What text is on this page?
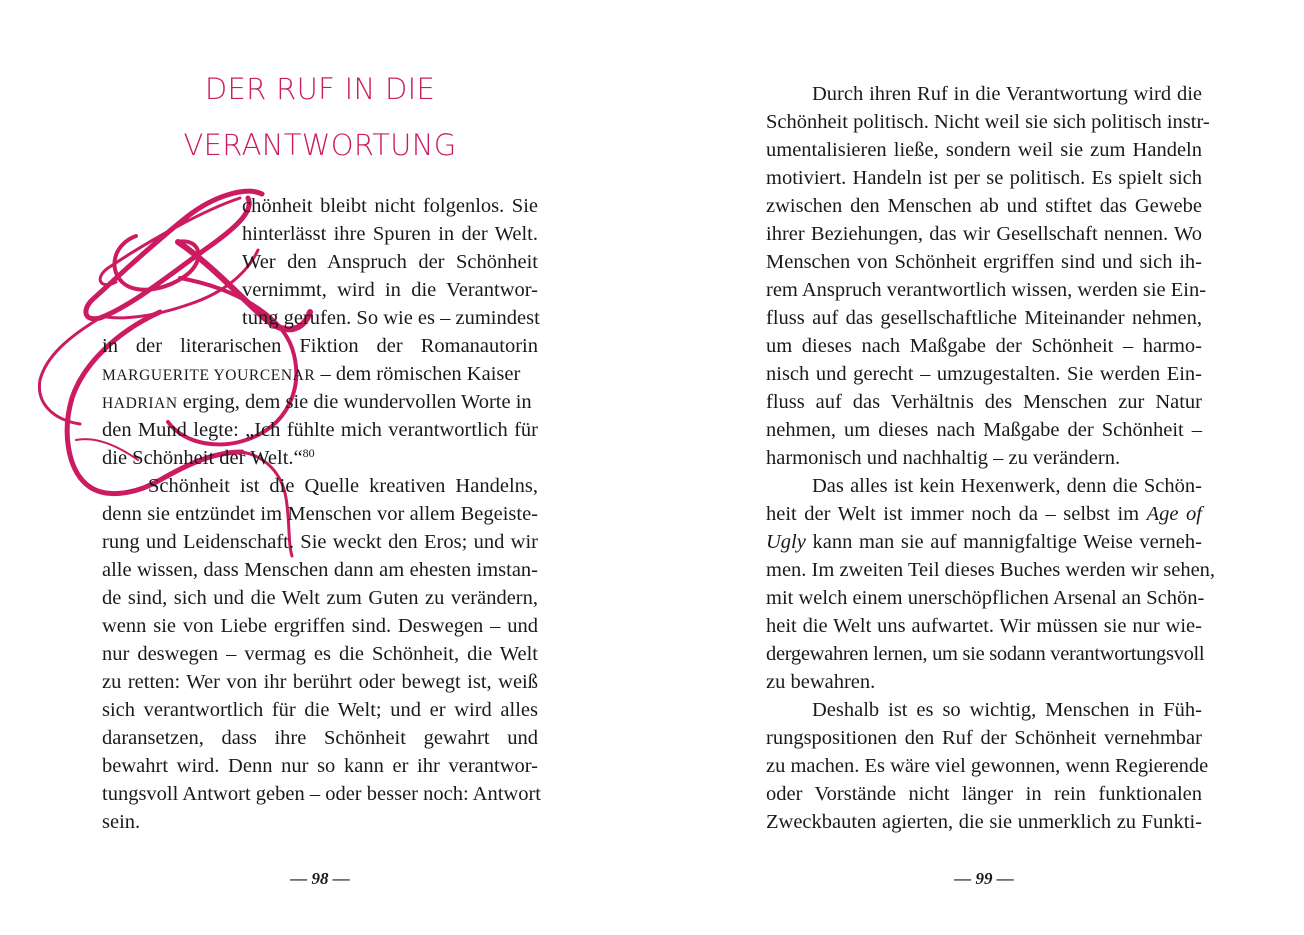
DER RUF IN DIE
VERANTWORTUNG
chönheit bleibt nicht folgenlos. Sie
hinterlässt ihre Spuren in der Welt.
Wer den Anspruch der Schönheit
vernimmt, wird in die Verantwor-
tung gerufen. So wie es – zumindest
in der literarischen Fiktion der Romanautorin
MARGUERITE YOURCENAR – dem römischen Kaiser
HADRIAN erging, dem sie die wundervollen Worte in
den Mund legte: „Ich fühlte mich verantwortlich für
die Schönheit der Welt.“$^{80}$
Schönheit ist die Quelle kreativen Handelns,
denn sie entzündet im Menschen vor allem Begeiste-
rung und Leidenschaft. Sie weckt den Eros; und wir
alle wissen, dass Menschen dann am ehesten imstan-
de sind, sich und die Welt zum Guten zu verändern,
wenn sie von Liebe ergriffen sind. Deswegen – und
nur deswegen – vermag es die Schönheit, die Welt
zu retten: Wer von ihr berührt oder bewegt ist, weiß
sich verantwortlich für die Welt; und er wird alles
daransetzen, dass ihre Schönheit gewahrt und
bewahrt wird. Denn nur so kann er ihr verantwor-
tungsvoll Antwort geben – oder besser noch: Antwort
sein.
— 98 —
Durch ihren Ruf in die Verantwortung wird die
Schönheit politisch. Nicht weil sie sich politisch instr-
umentalisieren ließe, sondern weil sie zum Handeln
motiviert. Handeln ist per se politisch. Es spielt sich
zwischen den Menschen ab und stiftet das Gewebe
ihrer Beziehungen, das wir Gesellschaft nennen. Wo
Menschen von Schönheit ergriffen sind und sich ih-
rem Anspruch verantwortlich wissen, werden sie Ein-
fluss auf das gesellschaftliche Miteinander nehmen,
um dieses nach Maßgabe der Schönheit – harmo-
nisch und gerecht – umzugestalten. Sie werden Ein-
fluss auf das Verhältnis des Menschen zur Natur
nehmen, um dieses nach Maßgabe der Schönheit –
harmonisch und nachhaltig – zu verändern.
Das alles ist kein Hexenwerk, denn die Schön-
heit der Welt ist immer noch da – selbst im Age of
Ugly kann man sie auf mannigfaltige Weise verneh-
men. Im zweiten Teil dieses Buches werden wir sehen,
mit welch einem unerschöpflichen Arsenal an Schön-
heit die Welt uns aufwartet. Wir müssen sie nur wie-
dergewahren lernen, um sie sodann verantwortungsvoll
zu bewahren.
Deshalb ist es so wichtig, Menschen in Füh-
rungspositionen den Ruf der Schönheit vernehmbar
zu machen. Es wäre viel gewonnen, wenn Regierende
oder Vorstände nicht länger in rein funktionalen
Zweckbauten agierten, die sie unmerklich zu Funkti-
— 99 —
